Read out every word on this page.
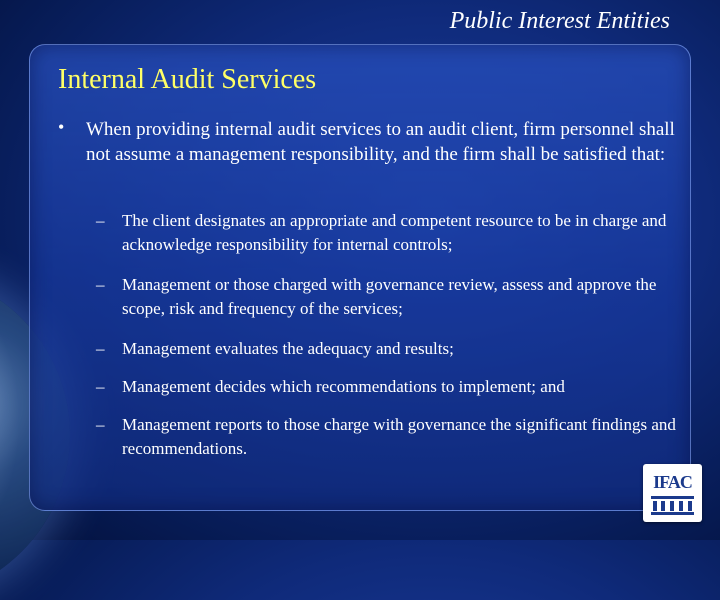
Public Interest Entities
Internal Audit Services
• When providing internal audit services to an audit client, firm personnel shall not assume a management responsibility, and the firm shall be satisfied that:
– The client designates an appropriate and competent resource to be in charge and acknowledge responsibility for internal controls;
– Management or those charged with governance review, assess and approve the scope, risk and frequency of the services;
– Management evaluates the adequacy and results;
– Management decides which recommendations to implement; and
– Management reports to those charge with governance the significant findings and recommendations.
IFAC
